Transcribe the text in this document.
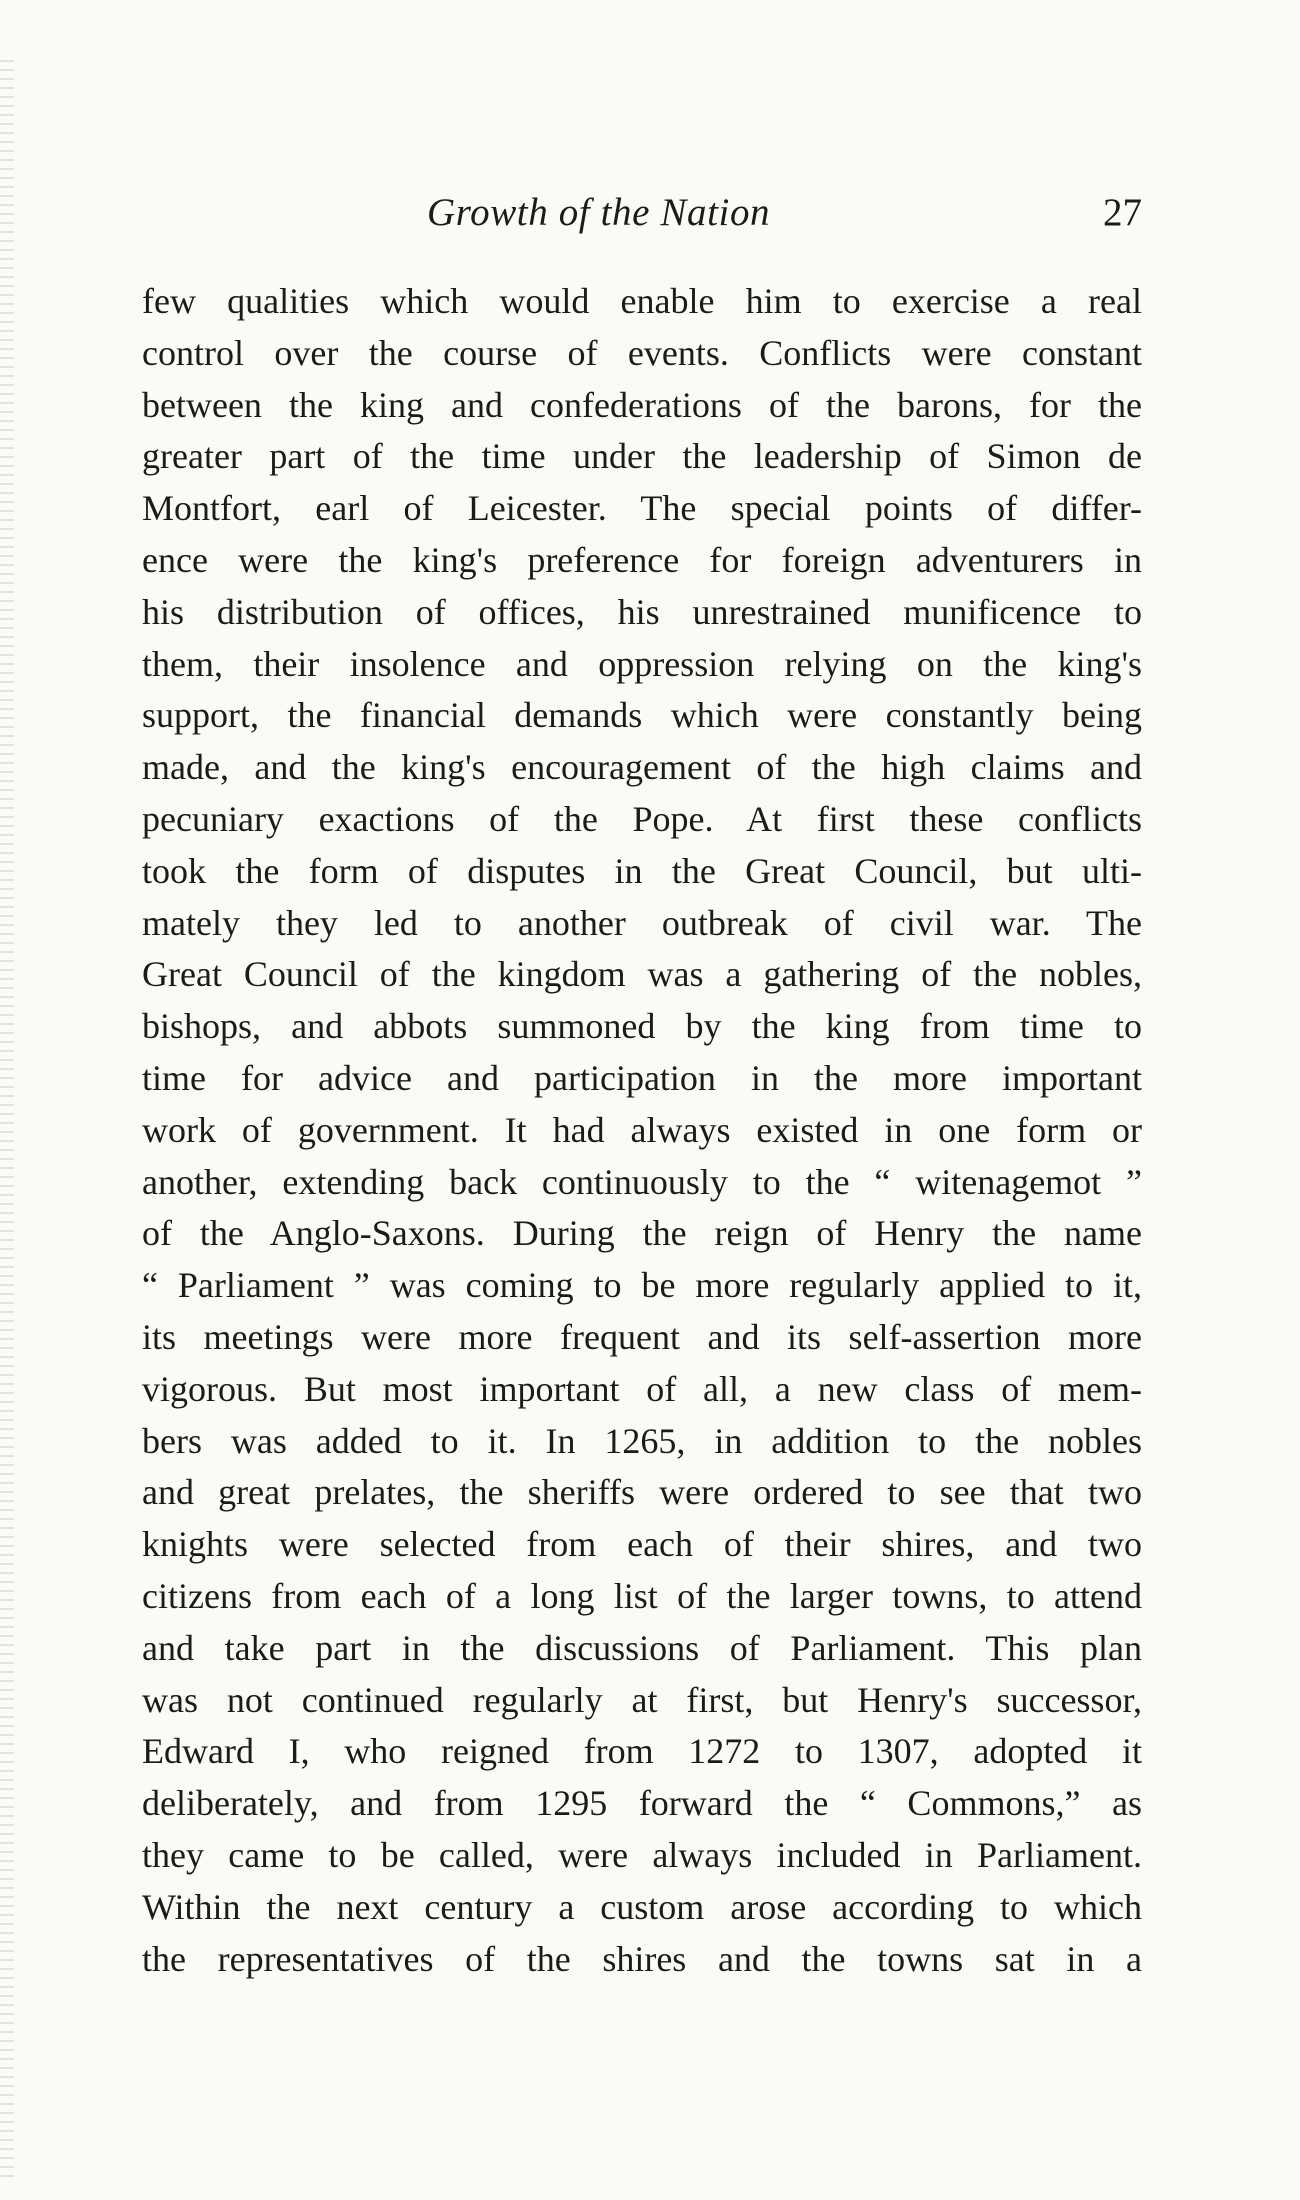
Growth of the Nation	27
few qualities which would enable him to exercise a real
control over the course of events. Conflicts were constant
between the king and confederations of the barons, for the
greater part of the time under the leadership of Simon de
Montfort, earl of Leicester. The special points of differ-
ence were the king's preference for foreign adventurers in
his distribution of offices, his unrestrained munificence to
them, their insolence and oppression relying on the king's
support, the financial demands which were constantly being
made, and the king's encouragement of the high claims and
pecuniary exactions of the Pope. At first these conflicts
took the form of disputes in the Great Council, but ulti-
mately they led to another outbreak of civil war. The
Great Council of the kingdom was a gathering of the nobles,
bishops, and abbots summoned by the king from time to
time for advice and participation in the more important
work of government. It had always existed in one form or
another, extending back continuously to the “ witenagemot ”
of the Anglo-Saxons. During the reign of Henry the name
“ Parliament ” was coming to be more regularly applied to it,
its meetings were more frequent and its self-assertion more
vigorous. But most important of all, a new class of mem-
bers was added to it. In 1265, in addition to the nobles
and great prelates, the sheriffs were ordered to see that two
knights were selected from each of their shires, and two
citizens from each of a long list of the larger towns, to attend
and take part in the discussions of Parliament. This plan
was not continued regularly at first, but Henry's successor,
Edward I, who reigned from 1272 to 1307, adopted it
deliberately, and from 1295 forward the “ Commons,” as
they came to be called, were always included in Parliament.
Within the next century a custom arose according to which
the representatives of the shires and the towns sat in a
